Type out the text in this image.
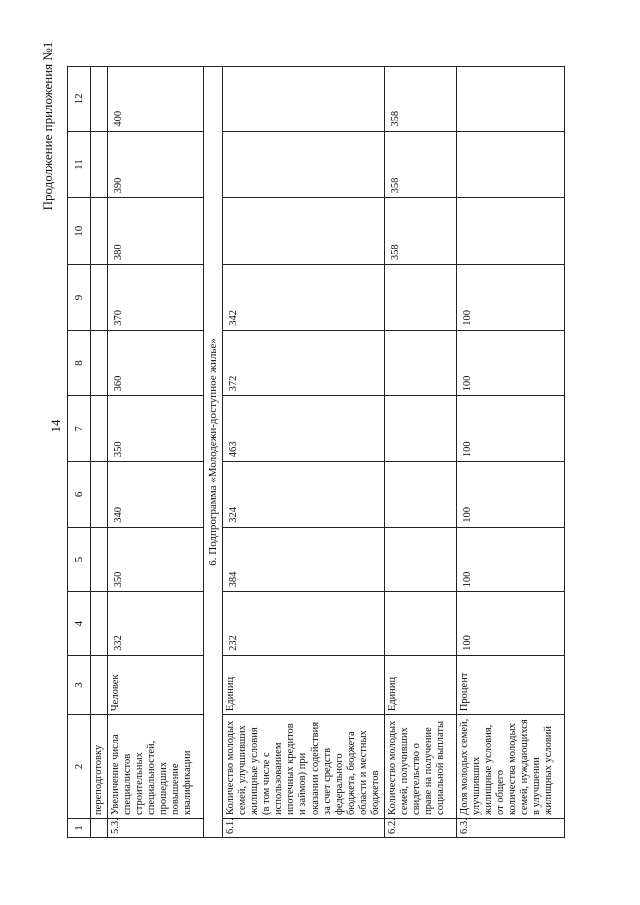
14
Продолжение приложения №1
1	2	3	4	5	6	7	8	9	10	11	12
	переподготовку										
5.3.	Увеличение числа специалистов строительных специальностей, прошедших повышение квалификации	Человек	332	350	340	350	360	370	380	390	400
6. Подпрограмма «Молодежи-доступное жилье»											
6.1.	Количество молодых семей, улучшивших жилищные условия (в том числе с использованием ипотечных кредитов и займов) при оказании содействия за счет средств федерального бюджета, бюджета области и местных бюджетов	Единиц	232	384	324	463	372	342			
6.2.	Количество молодых семей, получивших свидетельство о праве на получение социальной выплаты	Единиц							358	358	358
6.3.	Доля молодых семей, улучшивших жилищные условия, от общего количества молодых семей, нуждающихся в улучшении жилищных условий	Процент	100	100	100	100	100	100			
